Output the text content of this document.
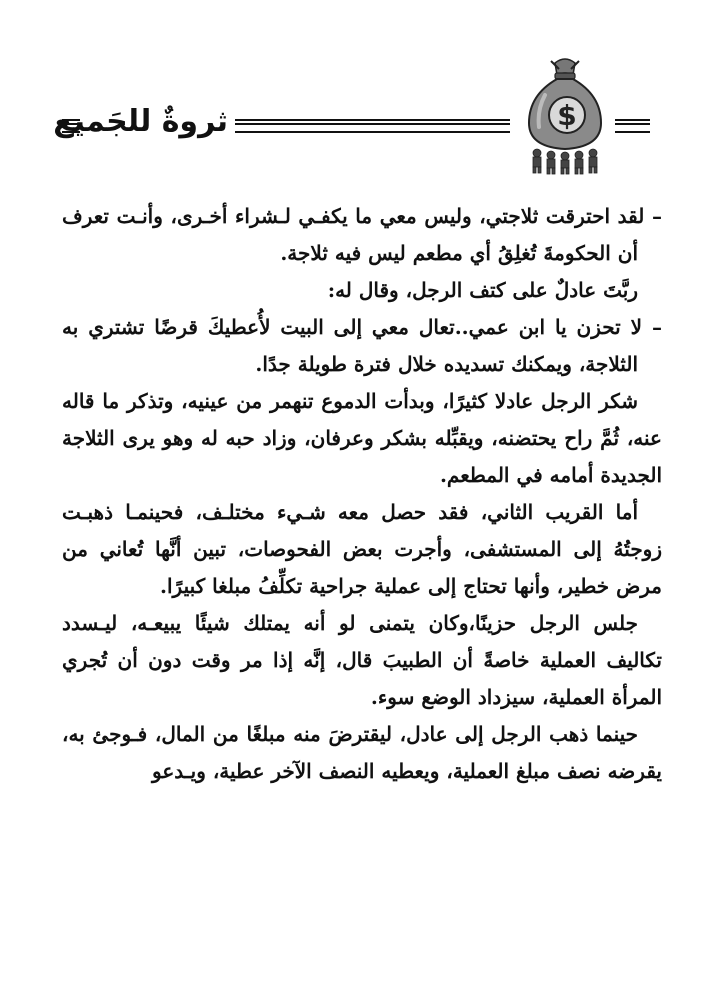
ثروةٌ للجَميع	$

– لقد احترقت ثلاجتي، وليس معي ما يكفـي لـشراء أخـرى، وأنـت تعرف أن الحكومةَ تُغلِقُ أي مطعم ليس فيه ثلاجة.

ربَّتَ عادلٌ على كتف الرجل، وقال له:

– لا تحزن يا ابن عمي..تعال معي إلى البيت لأُعطيكَ قرضًا تشتري به الثلاجة، ويمكنك تسديده خلال فترة طويلة جدًا.

شكر الرجل عادلا كثيرًا، وبدأت الدموع تنهمر من عينيه، وتذكر ما قاله عنه، ثُمَّ راح يحتضنه، ويقبِّله بشكر وعرفان، وزاد حبه له وهو يرى الثلاجة الجديدة أمامه في المطعم.

أما القريب الثاني، فقد حصل معه شـيء مختلـف، فحينمـا ذهبـت زوجتُهُ إلى المستشفى، وأجرت بعض الفحوصات، تبين أنَّها تُعاني من مرض خطير، وأنها تحتاج إلى عملية جراحية تكلِّفُ مبلغا كبيرًا.

جلس الرجل حزينًا،وكان يتمنى لو أنه يمتلك شيئًا يبيعـه، ليـسدد تكاليف العملية خاصةً أن الطبيبَ قال، إنَّه إذا مر وقت دون أن تُجري المرأة العملية، سيزداد الوضع سوء.

حينما ذهب الرجل إلى عادل، ليقترضَ منه مبلغًا من المال، فـوجئ به، يقرضه نصف مبلغ العملية، ويعطيه النصف الآخر عطية، ويـدعو
